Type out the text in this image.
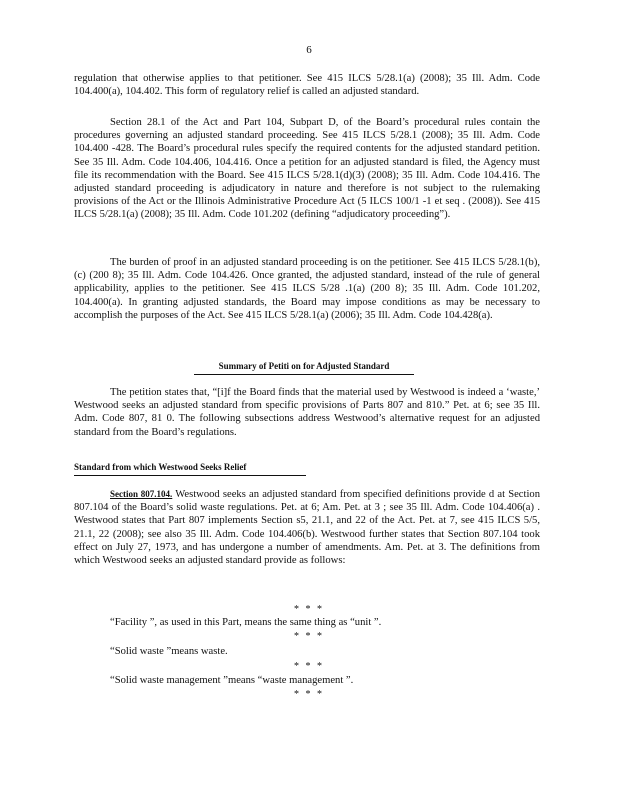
6

regulation that otherwise applies to that petitioner. See 415 ILCS 5/28.1(a) (2008); 35 Ill. Adm. Code 104.400(a), 104.402. This form of regulatory relief is called an adjusted standard.

Section 28.1 of the Act and Part 104, Subpart D, of the Board’s procedural rules contain the procedures governing an adjusted standard proceeding. See 415 ILCS 5/28.1 (2008); 35 Ill. Adm. Code 104.400 -428. The Board’s procedural rules specify the required contents for the adjusted standard petition. See 35 Ill. Adm. Code 104.406, 104.416. Once a petition for an adjusted standard is filed, the Agency must file its recommendation with the Board. See 415 ILCS 5/28.1(d)(3) (2008); 35 Ill. Adm. Code 104.416. The adjusted standard proceeding is adjudicatory in nature and therefore is not subject to the rulemaking provisions of the Act or the Illinois Administrative Procedure Act (5 ILCS 100/1 -1 et seq . (2008)). See 415 ILCS 5/28.1(a) (2008); 35 Ill. Adm. Code 101.202 (defining “adjudicatory proceeding”).

The burden of proof in an adjusted standard proceeding is on the petitioner. See 415 ILCS 5/28.1(b), (c) (200 8); 35 Ill. Adm. Code 104.426. Once granted, the adjusted standard, instead of the rule of general applicability, applies to the petitioner. See 415 ILCS 5/28 .1(a) (200 8); 35 Ill. Adm. Code 101.202, 104.400(a). In granting adjusted standards, the Board may impose conditions as may be necessary to accomplish the purposes of the Act. See 415 ILCS 5/28.1(a) (2006); 35 Ill. Adm. Code 104.428(a).

Summary of Petiti on for Adjusted Standard

The petition states that, “[i]f the Board finds that the material used by Westwood is indeed a ‘waste,’ Westwood seeks an adjusted standard from specific provisions of Parts 807 and 810.” Pet. at 6; see 35 Ill. Adm. Code 807, 81 0. The following subsections address Westwood’s alternative request for an adjusted standard from the Board’s regulations.

Standard from which Westwood Seeks Relief

Section 807.104. Westwood seeks an adjusted standard from specified definitions provide d at Section 807.104 of the Board’s solid waste regulations. Pet. at 6; Am. Pet. at 3 ; see 35 Ill. Adm. Code 104.406(a) . Westwood states that Part 807 implements Section s5, 21.1, and 22 of the Act. Pet. at 7, see 415 ILCS 5/5, 21.1, 22 (2008); see also 35 Ill. Adm. Code 104.406(b). Westwood further states that Section 807.104 took effect on July 27, 1973, and has undergone a number of amendments. Am. Pet. at 3. The definitions from which Westwood seeks an adjusted standard provide as follows:

* * *
“Facility ”, as used in this Part, means the same thing as “unit ”.
* * *
“Solid waste ”means waste.
* * *
“Solid waste management ”means “waste management ”.
* * *
